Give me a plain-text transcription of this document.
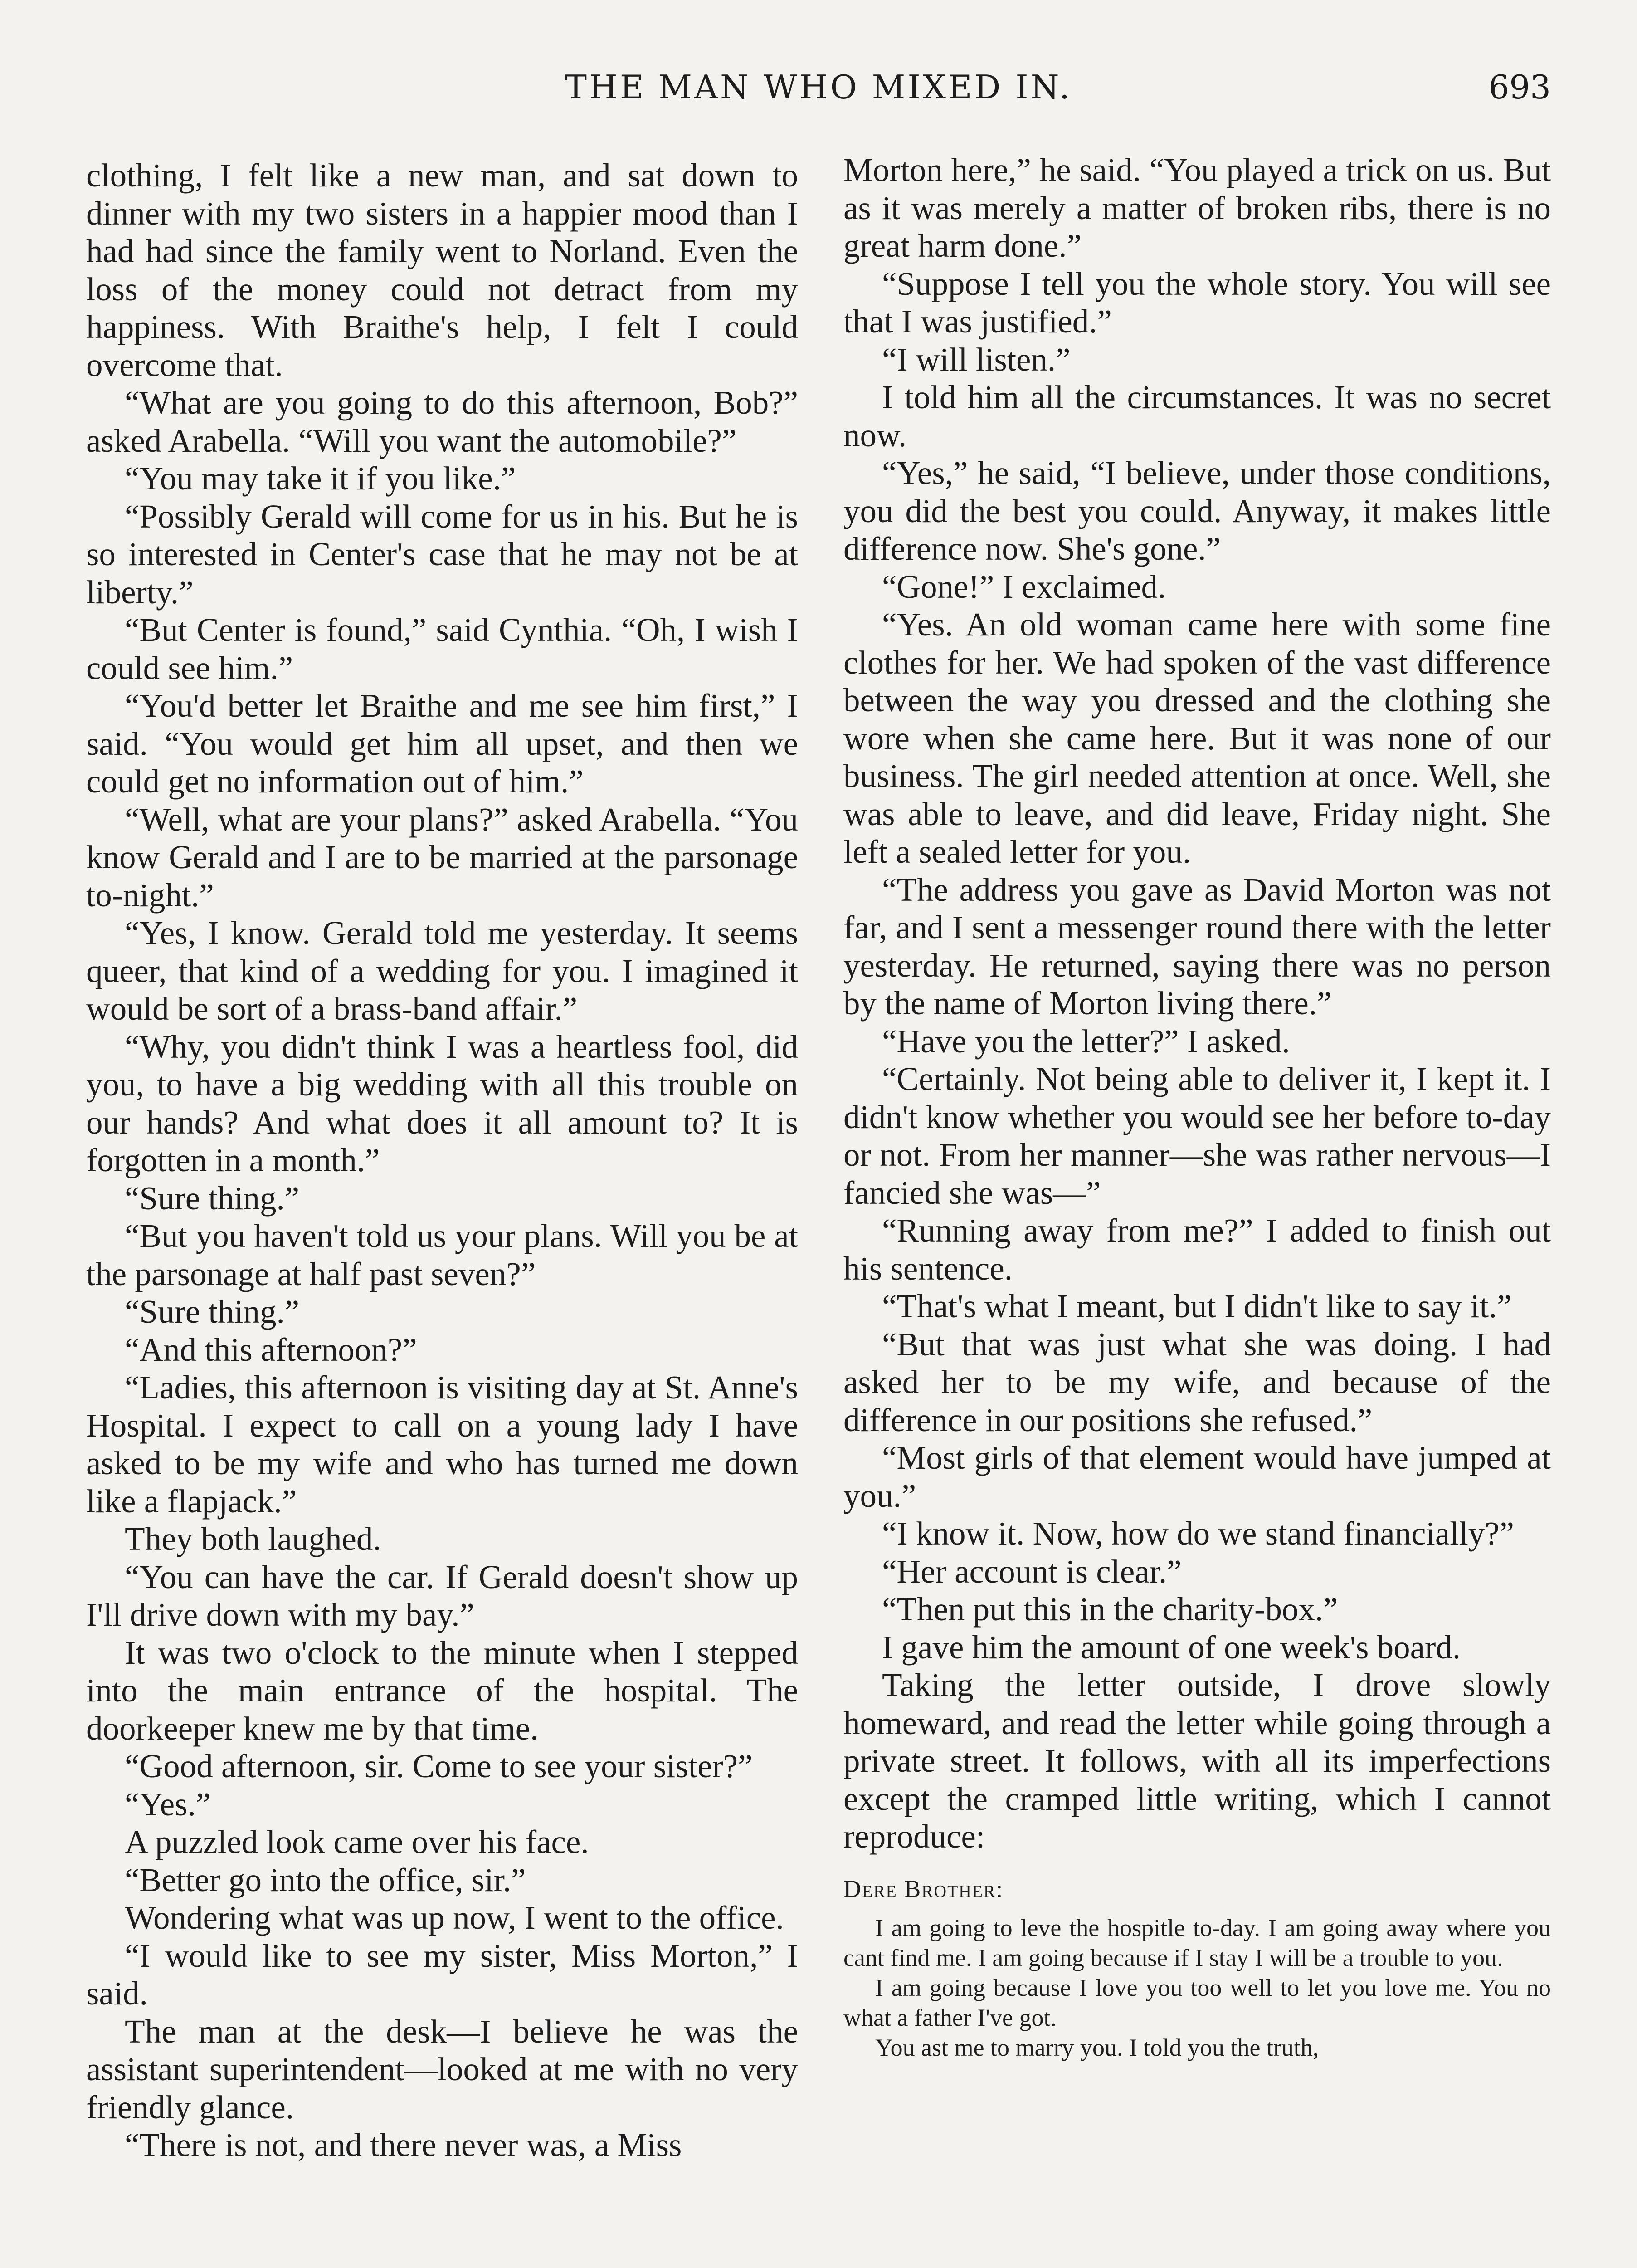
THE MAN WHO MIXED IN.	693

clothing, I felt like a new man, and sat down to dinner with my two sisters in a happier mood than I had had since the family went to Norland. Even the loss of the money could not detract from my happiness. With Braithe's help, I felt I could overcome that.

“What are you going to do this afternoon, Bob?” asked Arabella. “Will you want the automobile?”

“You may take it if you like.”

“Possibly Gerald will come for us in his. But he is so interested in Center's case that he may not be at liberty.”

“But Center is found,” said Cynthia. “Oh, I wish I could see him.”

“You'd better let Braithe and me see him first,” I said. “You would get him all upset, and then we could get no information out of him.”

“Well, what are your plans?” asked Arabella. “You know Gerald and I are to be married at the parsonage to-night.”

“Yes, I know. Gerald told me yesterday. It seems queer, that kind of a wedding for you. I imagined it would be sort of a brass-band affair.”

“Why, you didn't think I was a heartless fool, did you, to have a big wedding with all this trouble on our hands? And what does it all amount to? It is forgotten in a month.”

“Sure thing.”

“But you haven't told us your plans. Will you be at the parsonage at half past seven?”

“Sure thing.”

“And this afternoon?”

“Ladies, this afternoon is visiting day at St. Anne's Hospital. I expect to call on a young lady I have asked to be my wife and who has turned me down like a flapjack.”

They both laughed.

“You can have the car. If Gerald doesn't show up I'll drive down with my bay.”

It was two o'clock to the minute when I stepped into the main entrance of the hospital. The doorkeeper knew me by that time.

“Good afternoon, sir. Come to see your sister?”

“Yes.”

A puzzled look came over his face.

“Better go into the office, sir.”

Wondering what was up now, I went to the office.

“I would like to see my sister, Miss Morton,” I said.

The man at the desk—I believe he was the assistant superintendent—looked at me with no very friendly glance.

“There is not, and there never was, a Miss

Morton here,” he said. “You played a trick on us. But as it was merely a matter of broken ribs, there is no great harm done.”

“Suppose I tell you the whole story. You will see that I was justified.”

“I will listen.”

I told him all the circumstances. It was no secret now.

“Yes,” he said, “I believe, under those conditions, you did the best you could. Anyway, it makes little difference now. She's gone.”

“Gone!” I exclaimed.

“Yes. An old woman came here with some fine clothes for her. We had spoken of the vast difference between the way you dressed and the clothing she wore when she came here. But it was none of our business. The girl needed attention at once. Well, she was able to leave, and did leave, Friday night. She left a sealed letter for you.

“The address you gave as David Morton was not far, and I sent a messenger round there with the letter yesterday. He returned, saying there was no person by the name of Morton living there.”

“Have you the letter?” I asked.

“Certainly. Not being able to deliver it, I kept it. I didn't know whether you would see her before to-day or not. From her manner—she was rather nervous—I fancied she was—”

“Running away from me?” I added to finish out his sentence.

“That's what I meant, but I didn't like to say it.”

“But that was just what she was doing. I had asked her to be my wife, and because of the difference in our positions she refused.”

“Most girls of that element would have jumped at you.”

“I know it. Now, how do we stand financially?”

“Her account is clear.”

“Then put this in the charity-box.”

I gave him the amount of one week's board.

Taking the letter outside, I drove slowly homeward, and read the letter while going through a private street. It follows, with all its imperfections except the cramped little writing, which I cannot reproduce:

Dere Brother:

I am going to leve the hospitle to-day. I am going away where you cant find me. I am going because if I stay I will be a trouble to you.

I am going because I love you too well to let you love me. You no what a father I've got.

You ast me to marry you. I told you the truth,
